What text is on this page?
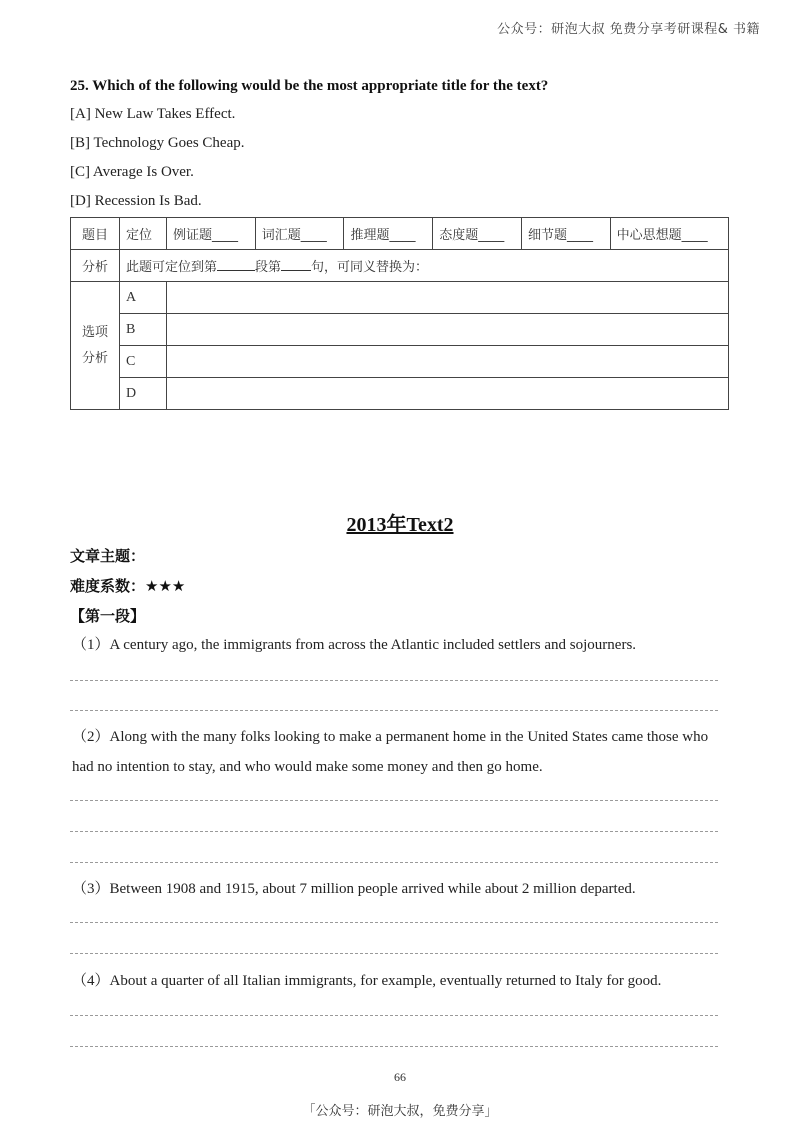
公众号：研泡大叔 免费分享考研课程& 书籍
25. Which of the following would be the most appropriate title for the text?
[A] New Law Takes Effect.
[B] Technology Goes Cheap.
[C] Average Is Over.
[D] Recession Is Bad.
题目	定位	例证题____	词汇题____	推理题____	态度题____	细节题____	中心思想题____
分析	此题可定位到第 段第 句，可同义替换为：						

选项
分析	A						
	B						
	C						
	D						
2013年Text2
文章主题：
难度系数：★★★
【第一段】
（1）A century ago, the immigrants from across the Atlantic included settlers and sojourners.
（2）Along with the many folks looking to make a permanent home in the United States came those who had no intention to stay, and who would make some money and then go home.
（3）Between 1908 and 1915, about 7 million people arrived while about 2 million departed.
（4）About a quarter of all Italian immigrants, for example, eventually returned to Italy for good.
66
「公众号：研泡大叔，免费分享」
